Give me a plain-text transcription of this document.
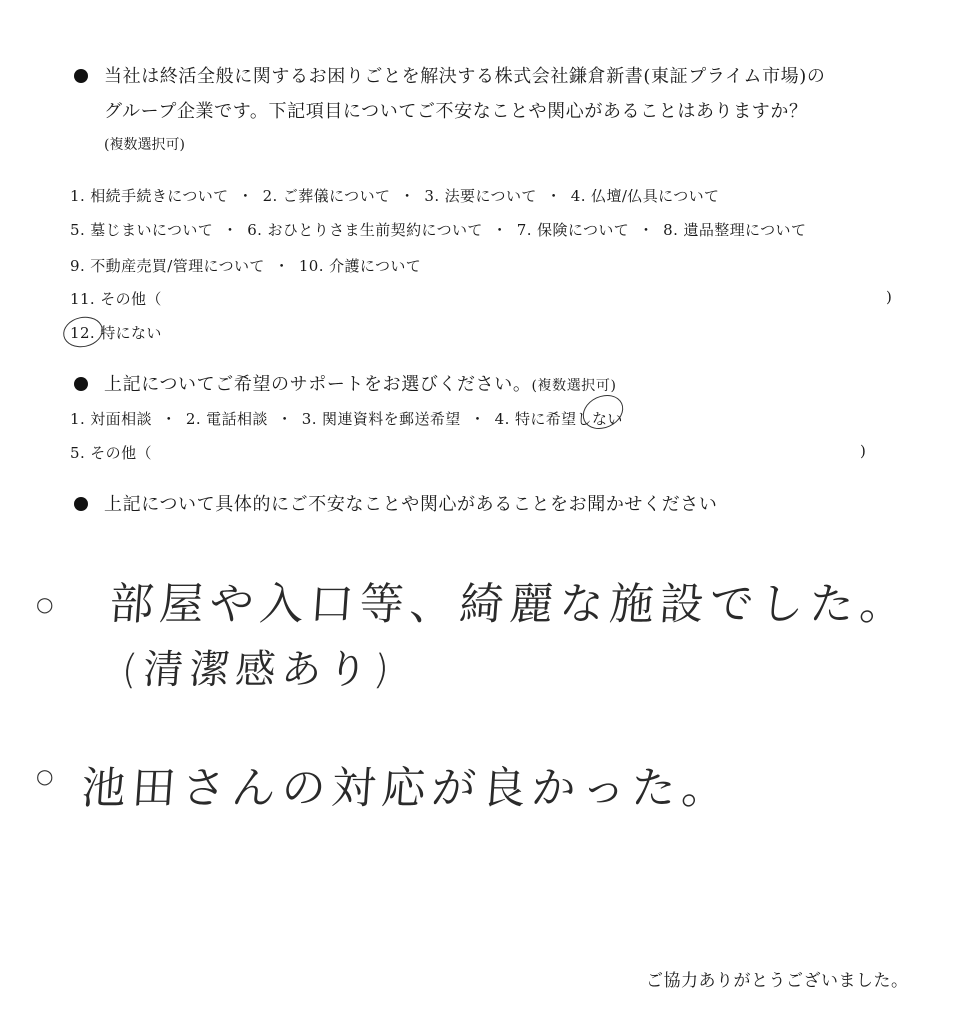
当社は終活全般に関するお困りごとを解決する株式会社鎌倉新書(東証プライム市場)の
グループ企業です。下記項目についてご不安なことや関心があることはありますか？
(複数選択可)
1. 相続手続きについて ・ 2. ご葬儀について ・ 3. 法要について ・ 4. 仏壇/仏具について
5. 墓じまいについて ・ 6. おひとりさま生前契約について ・ 7. 保険について ・ 8. 遺品整理について
9. 不動産売買/管理について ・ 10. 介護について
11. その他（	)
12. 特にない
上記についてご希望のサポートをお選びください。(複数選択可)
1. 対面相談 ・ 2. 電話相談 ・ 3. 関連資料を郵送希望 ・ 4. 特に希望しない
5. その他（	)
上記について具体的にご不安なことや関心があることをお聞かせください
○ 部屋や入口等、綺麗な施設でした。
(清潔感あり)
○ 池田さんの対応が良かった。
ご協力ありがとうございました。
